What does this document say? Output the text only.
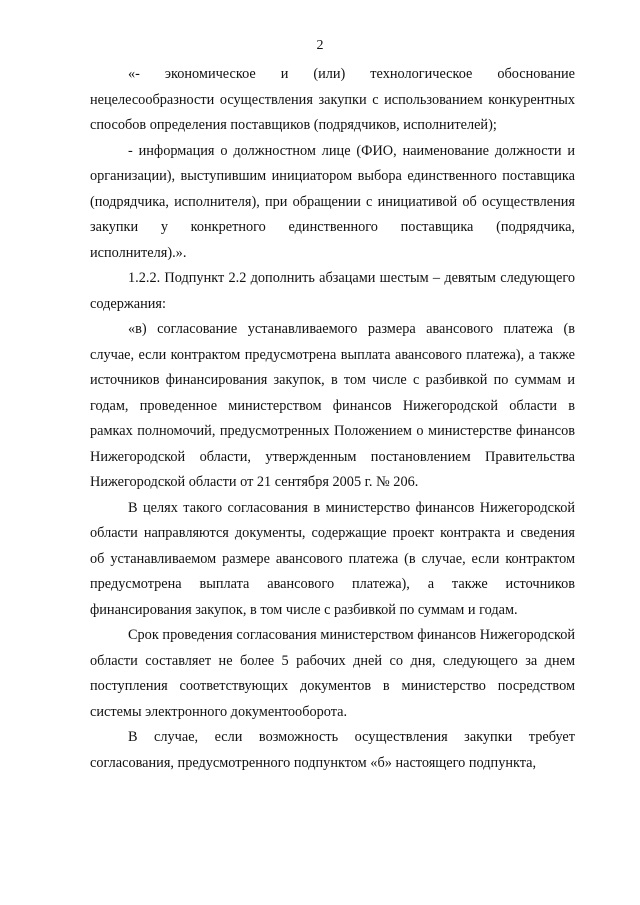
2

«- экономическое и (или) технологическое обоснование нецелесообразности осуществления закупки с использованием конкурентных способов определения поставщиков (подрядчиков, исполнителей);

- информация о должностном лице (ФИО, наименование должности и организации), выступившим инициатором выбора единственного поставщика (подрядчика, исполнителя), при обращении с инициативой об осуществления закупки у конкретного единственного поставщика (подрядчика, исполнителя).».

1.2.2. Подпункт 2.2 дополнить абзацами шестым – девятым следующего содержания:

«в) согласование устанавливаемого размера авансового платежа (в случае, если контрактом предусмотрена выплата авансового платежа), а также источников финансирования закупок, в том числе с разбивкой по суммам и годам, проведенное министерством финансов Нижегородской области в рамках полномочий, предусмотренных Положением о министерстве финансов Нижегородской области, утвержденным постановлением Правительства Нижегородской области от 21 сентября 2005 г. № 206.

В целях такого согласования в министерство финансов Нижегородской области направляются документы, содержащие проект контракта и сведения об устанавливаемом размере авансового платежа (в случае, если контрактом предусмотрена выплата авансового платежа), а также источников финансирования закупок, в том числе с разбивкой по суммам и годам.

Срок проведения согласования министерством финансов Нижегородской области составляет не более 5 рабочих дней со дня, следующего за днем поступления соответствующих документов в министерство посредством системы электронного документооборота.

В случае, если возможность осуществления закупки требует согласования, предусмотренного подпунктом «б» настоящего подпункта,
